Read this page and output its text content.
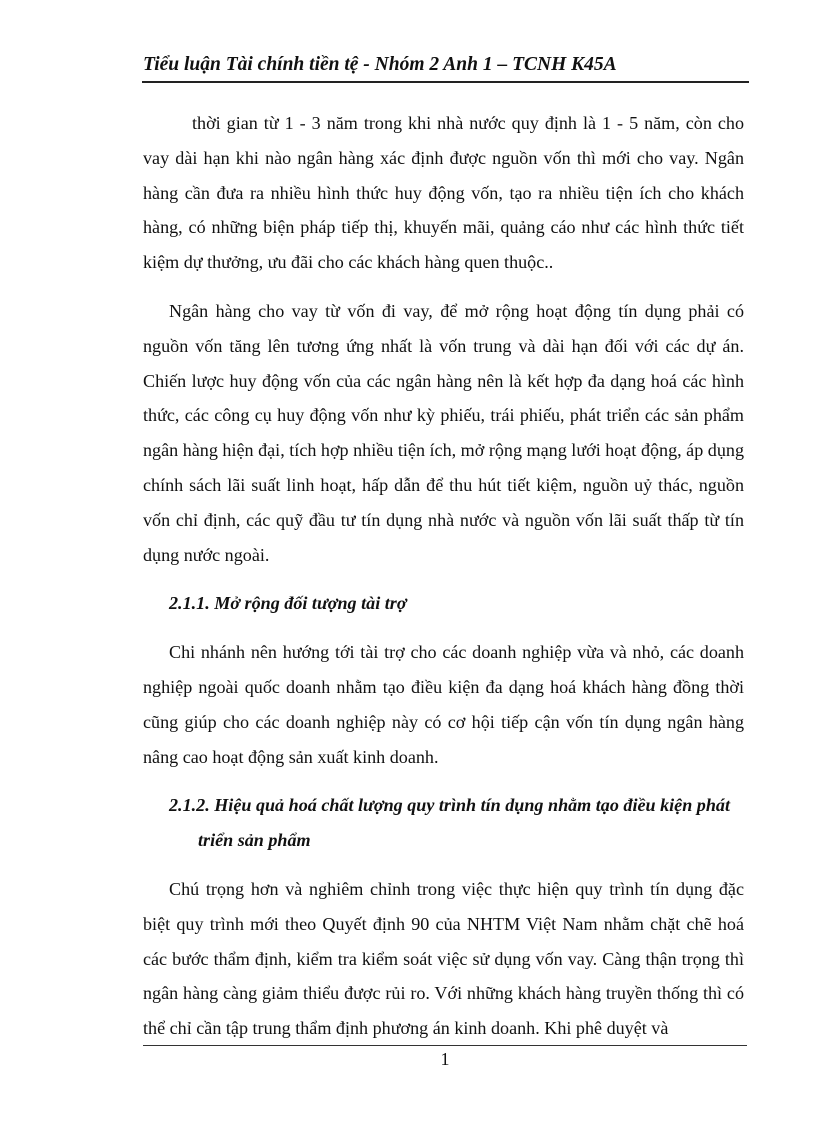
Tiểu luận Tài chính tiền tệ - Nhóm 2 Anh 1 – TCNH K45A

thời gian từ 1 - 3 năm trong khi nhà nước quy định là 1 - 5 năm, còn cho vay dài hạn khi nào ngân hàng xác định được nguồn vốn thì mới cho vay. Ngân hàng cần đưa ra nhiều hình thức huy động vốn, tạo ra nhiều tiện ích cho khách hàng, có những biện pháp tiếp thị, khuyến mãi, quảng cáo như các hình thức tiết kiệm dự thưởng, ưu đãi cho các khách hàng quen thuộc..

Ngân hàng cho vay từ vốn đi vay, để mở rộng hoạt động tín dụng phải có nguồn vốn tăng lên tương ứng nhất là vốn trung và dài hạn đối với các dự án. Chiến lược huy động vốn của các ngân hàng nên là kết hợp đa dạng hoá các hình thức, các công cụ huy động vốn như kỳ phiếu, trái phiếu, phát triển các sản phẩm ngân hàng hiện đại, tích hợp nhiều tiện ích, mở rộng mạng lưới hoạt động, áp dụng chính sách lãi suất linh hoạt, hấp dẫn để thu hút tiết kiệm, nguồn uỷ thác, nguồn vốn chỉ định, các quỹ đầu tư tín dụng nhà nước và nguồn vốn lãi suất thấp từ tín dụng nước ngoài.

2.1.1. Mở rộng đối tượng tài trợ

Chi nhánh nên hướng tới tài trợ cho các doanh nghiệp vừa và nhỏ, các doanh nghiệp ngoài quốc doanh nhằm tạo điều kiện đa dạng hoá khách hàng đồng thời cũng giúp cho các doanh nghiệp này có cơ hội tiếp cận vốn tín dụng ngân hàng nâng cao hoạt động sản xuất kinh doanh.

2.1.2. Hiệu quả hoá chất lượng quy trình tín dụng nhằm tạo điều kiện phát triển sản phẩm

Chú trọng hơn và nghiêm chỉnh trong việc thực hiện quy trình tín dụng đặc biệt quy trình mới theo Quyết định 90 của NHTM Việt Nam nhằm chặt chẽ hoá các bước thẩm định, kiểm tra kiểm soát việc sử dụng vốn vay. Càng thận trọng thì ngân hàng càng giảm thiểu được rủi ro. Với những khách hàng truyền thống thì có thể chỉ cần tập trung thẩm định phương án kinh doanh. Khi phê duyệt và

1
